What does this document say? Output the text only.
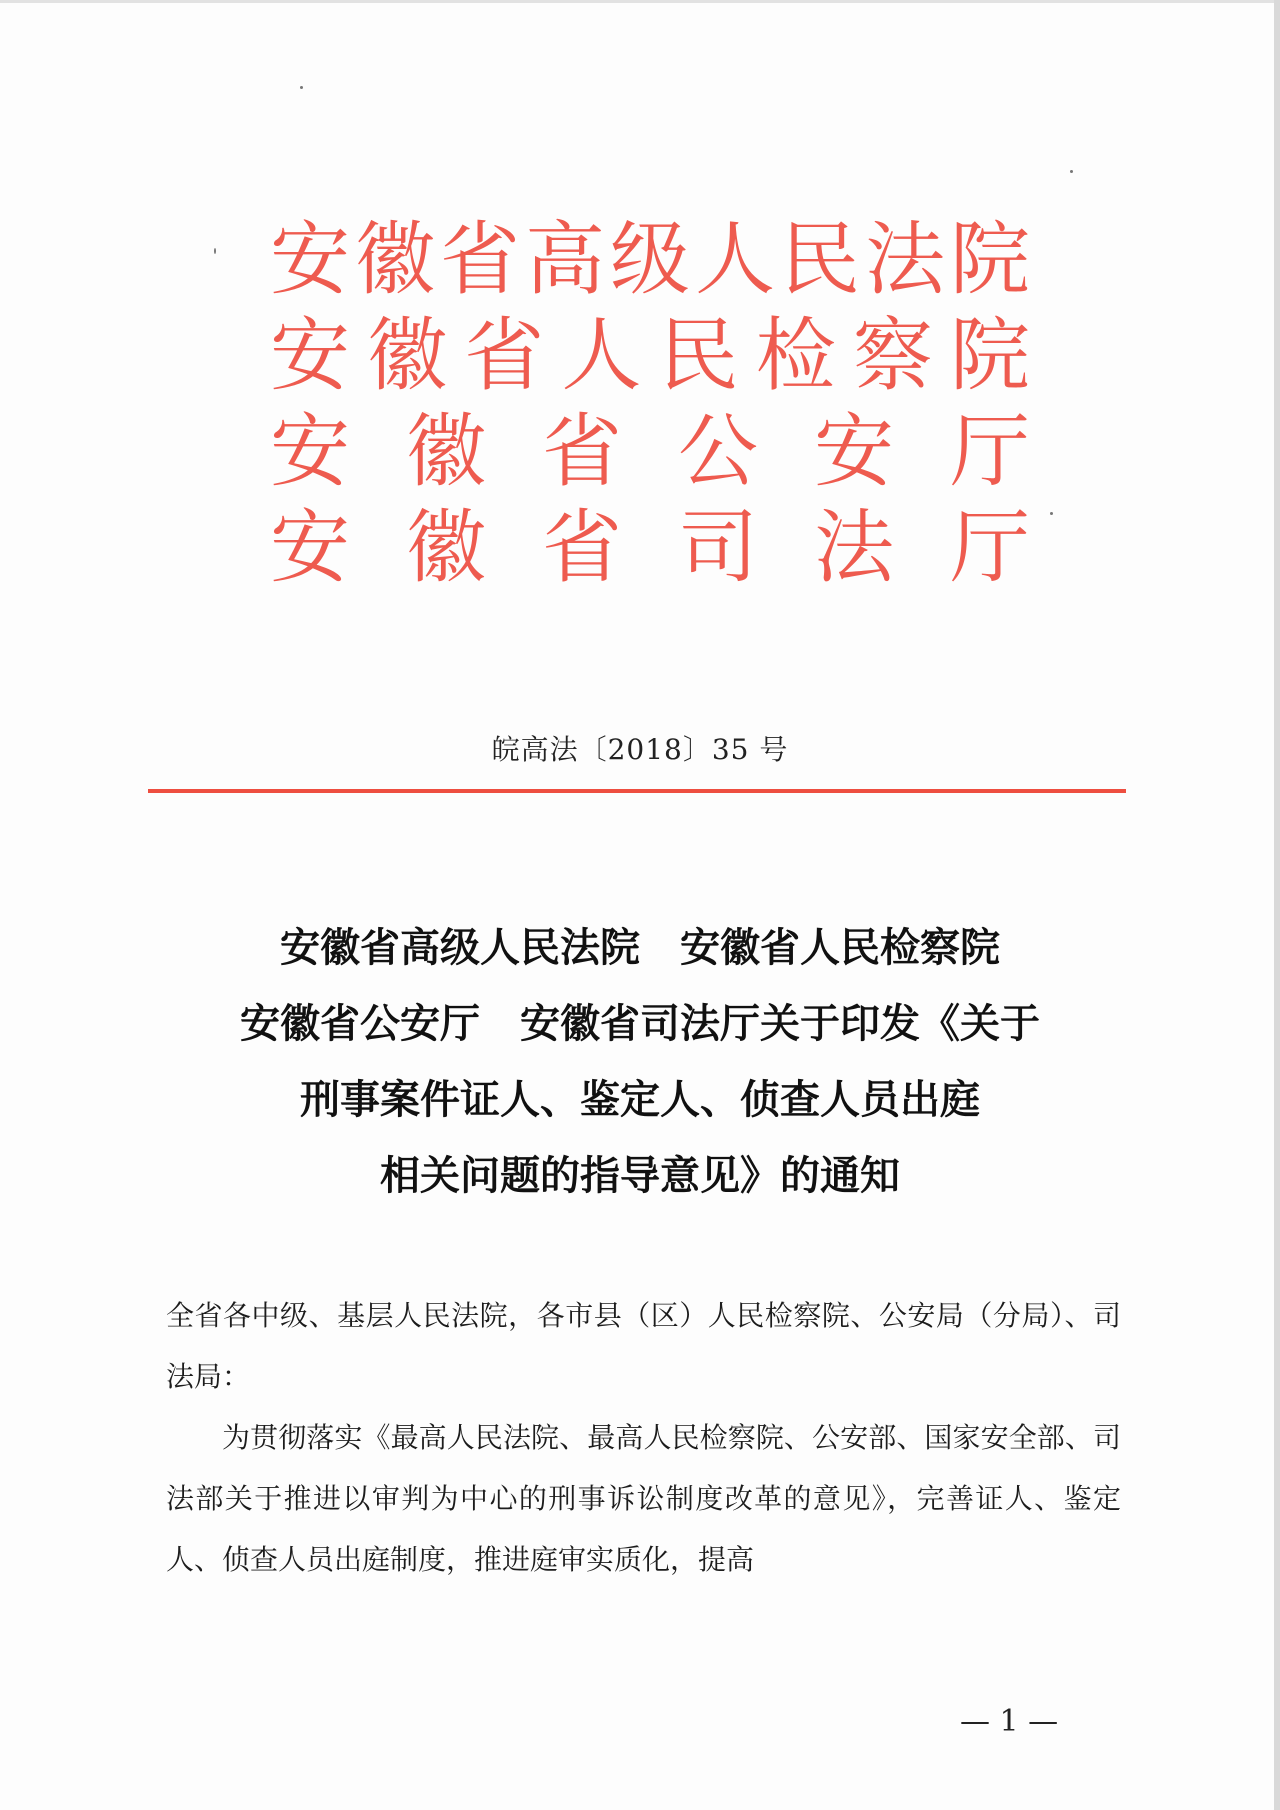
安 徽 省 高 级 人 民 法 院
安 徽 省 人 民 检 察 院
安 徽 省 公 安 厅
安 徽 省 司 法 厅
皖高法〔2018〕35 号
安徽省高级人民法院　安徽省人民检察院
安徽省公安厅　安徽省司法厅关于印发《关于
刑事案件证人、鉴定人、侦查人员出庭
相关问题的指导意见》的通知

全省各中级、基层人民法院，各市县（区）人民检察院、公安局（分局）、司法局：

为贯彻落实《最高人民法院、最高人民检察院、公安部、国家安全部、司法部关于推进以审判为中心的刑事诉讼制度改革的意见》，完善证人、鉴定人、侦查人员出庭制度，推进庭审实质化，提高

— 1 —
